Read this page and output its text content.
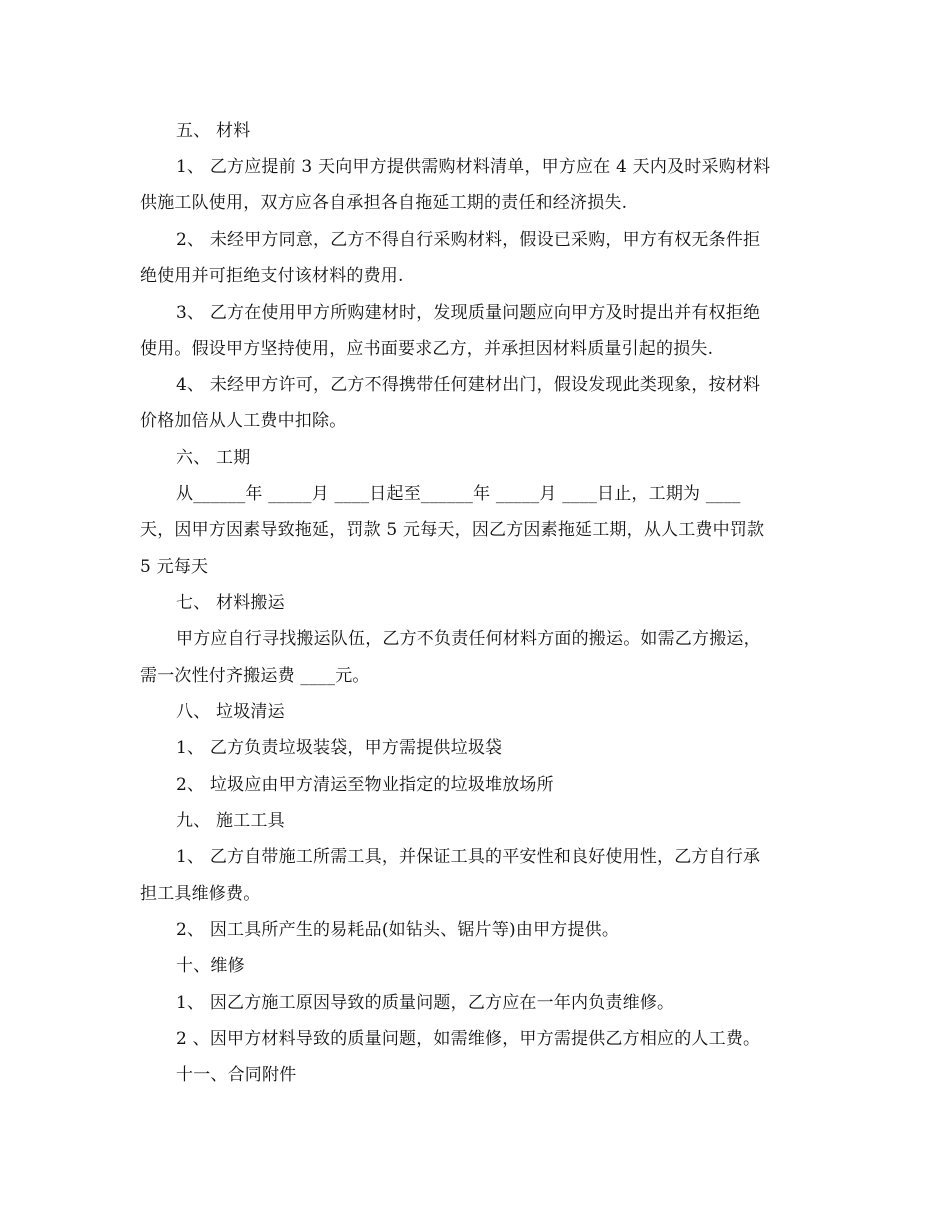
五、 材料
1、 乙方应提前 3 天向甲方提供需购材料清单，甲方应在 4 天内及时采购材料
供施工队使用，双方应各自承担各自拖延工期的责任和经济损失.
2、 未经甲方同意，乙方不得自行采购材料，假设已采购，甲方有权无条件拒
绝使用并可拒绝支付该材料的费用.
3、 乙方在使用甲方所购建材时，发现质量问题应向甲方及时提出并有权拒绝
使用。假设甲方坚持使用，应书面要求乙方，并承担因材料质量引起的损失.
4、 未经甲方许可，乙方不得携带任何建材出门，假设发现此类现象，按材料
价格加倍从人工费中扣除。
六、 工期
从______年 _____月 ____日起至______年 _____月 ____日止，工期为 ____
天，因甲方因素导致拖延，罚款 5 元每天，因乙方因素拖延工期，从人工费中罚款
5 元每天
七、 材料搬运
甲方应自行寻找搬运队伍，乙方不负责任何材料方面的搬运。如需乙方搬运，
需一次性付齐搬运费 ____元。
八、 垃圾清运
1、 乙方负责垃圾装袋，甲方需提供垃圾袋
2、 垃圾应由甲方清运至物业指定的垃圾堆放场所
九、 施工工具
1、 乙方自带施工所需工具，并保证工具的平安性和良好使用性，乙方自行承
担工具维修费。
2、 因工具所产生的易耗品(如钻头、锯片等)由甲方提供。
十、维修
1、 因乙方施工原因导致的质量问题，乙方应在一年内负责维修。
2 、因甲方材料导致的质量问题，如需维修，甲方需提供乙方相应的人工费。
十一、合同附件
